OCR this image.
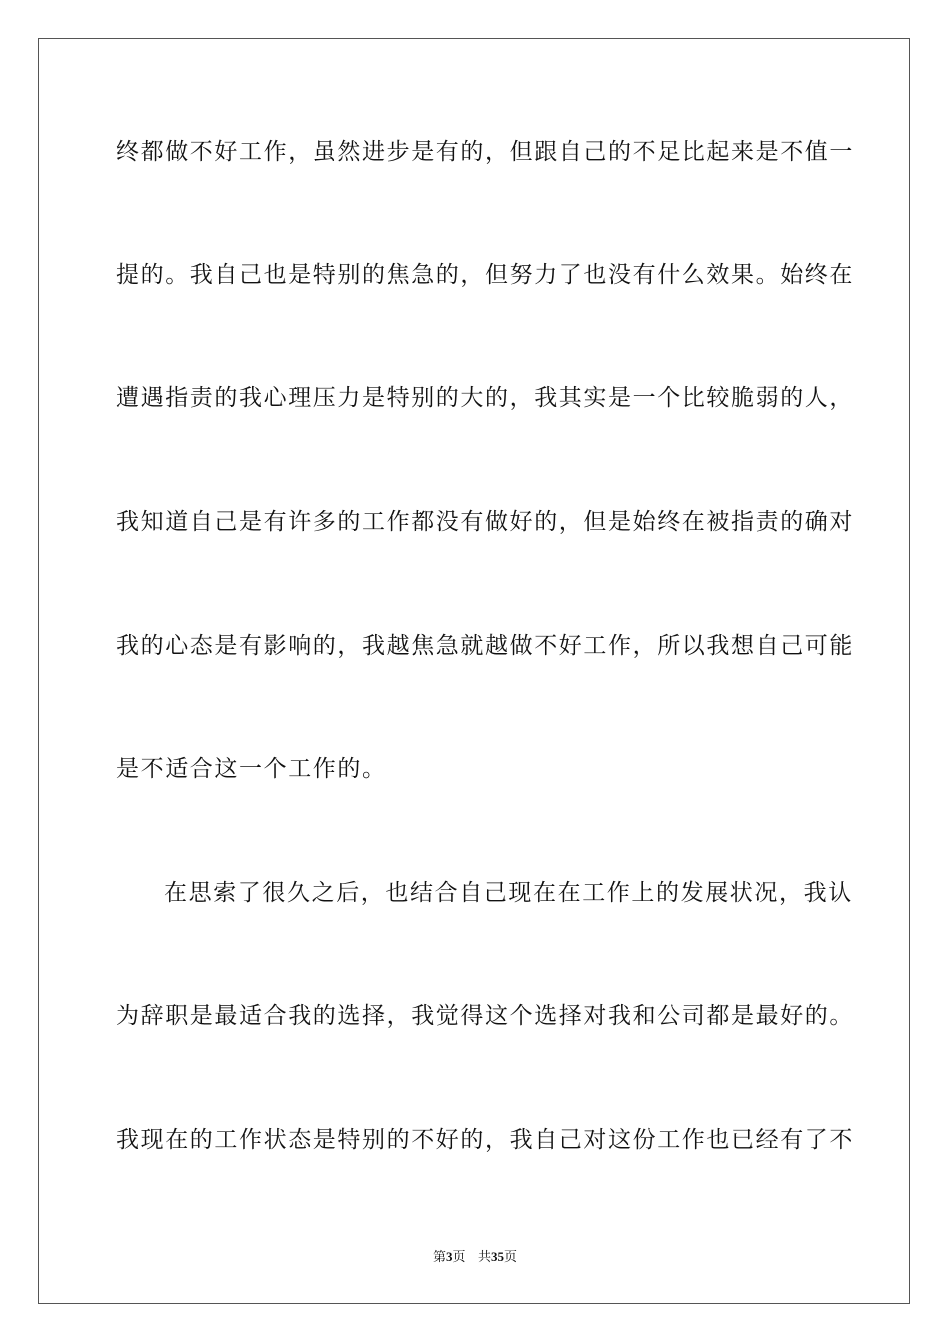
终都做不好工作，虽然进步是有的，但跟自己的不足比起来是不值一
提的。我自己也是特别的焦急的，但努力了也没有什么效果。始终在
遭遇指责的我心理压力是特别的大的，我其实是一个比较脆弱的人，
我知道自己是有许多的工作都没有做好的，但是始终在被指责的确对
我的心态是有影响的，我越焦急就越做不好工作，所以我想自己可能
是不适合这一个工作的。
在思索了很久之后，也结合自己现在在工作上的发展状况，我认
为辞职是最适合我的选择，我觉得这个选择对我和公司都是最好的。
我现在的工作状态是特别的不好的，我自己对这份工作也已经有了不
第3页 共35页
